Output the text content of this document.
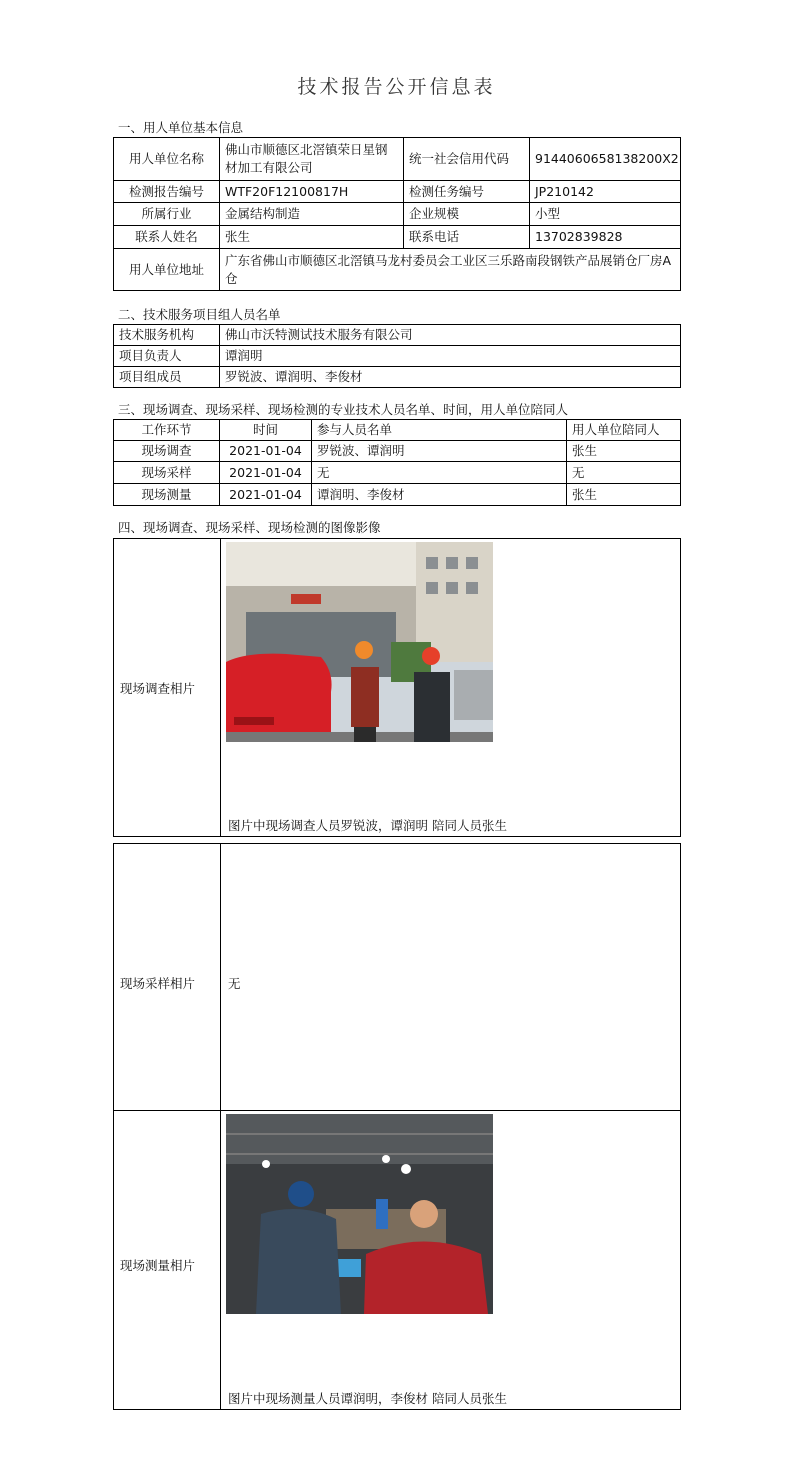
技术报告公开信息表
一、用人单位基本信息
用人单位名称	佛山市顺德区北滘镇荣日星钢材加工有限公司	统一社会信用代码	9144060658138200X2
检测报告编号	WTF20F12100817H	检测任务编号	JP210142
所属行业	金属结构制造	企业规模	小型
联系人姓名	张生	联系电话	13702839828
用人单位地址	广东省佛山市顺德区北滘镇马龙村委员会工业区三乐路南段钢铁产品展销仓厂房A仓		
二、技术服务项目组人员名单
技术服务机构	佛山市沃特测试技术服务有限公司
项目负责人	谭润明
项目组成员	罗锐波、谭润明、李俊材
三、现场调查、现场采样、现场检测的专业技术人员名单、时间，用人单位陪同人
工作环节	时间	参与人员名单	用人单位陪同人
现场调查	2021-01-04	罗锐波、谭润明	张生
现场采样	2021-01-04	无	无
现场测量	2021-01-04	谭润明、李俊材	张生
四、现场调查、现场采样、现场检测的图像影像
现场调查相片
图片中现场调查人员罗锐波，谭润明 陪同人员张生
现场采样相片	无
现场测量相片
图片中现场测量人员谭润明，李俊材 陪同人员张生
